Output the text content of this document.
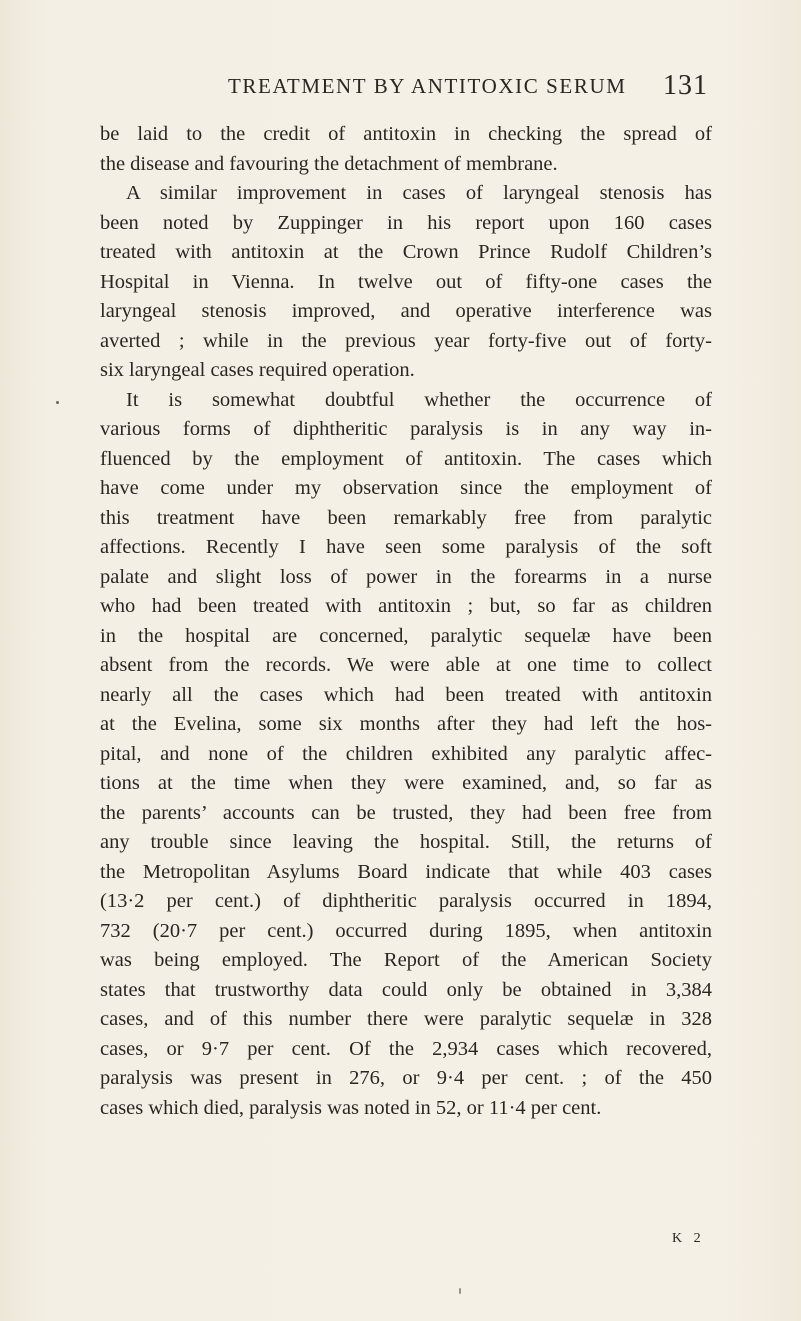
TREATMENT BY ANTITOXIC SERUM 131
be laid to the credit of antitoxin in checking the spread of
the disease and favouring the detachment of membrane.
A similar improvement in cases of laryngeal stenosis has
been noted by Zuppinger in his report upon 160 cases
treated with antitoxin at the Crown Prince Rudolf Children’s
Hospital in Vienna. In twelve out of fifty-one cases the
laryngeal stenosis improved, and operative interference was
averted ; while in the previous year forty-five out of forty-
six laryngeal cases required operation.
It is somewhat doubtful whether the occurrence of
various forms of diphtheritic paralysis is in any way in-
fluenced by the employment of antitoxin. The cases which
have come under my observation since the employment of
this treatment have been remarkably free from paralytic
affections. Recently I have seen some paralysis of the soft
palate and slight loss of power in the forearms in a nurse
who had been treated with antitoxin ; but, so far as children
in the hospital are concerned, paralytic sequelæ have been
absent from the records. We were able at one time to collect
nearly all the cases which had been treated with antitoxin
at the Evelina, some six months after they had left the hos-
pital, and none of the children exhibited any paralytic affec-
tions at the time when they were examined, and, so far as
the parents’ accounts can be trusted, they had been free from
any trouble since leaving the hospital. Still, the returns of
the Metropolitan Asylums Board indicate that while 403 cases
(13·2 per cent.) of diphtheritic paralysis occurred in 1894,
732 (20·7 per cent.) occurred during 1895, when antitoxin
was being employed. The Report of the American Society
states that trustworthy data could only be obtained in 3,384
cases, and of this number there were paralytic sequelæ in 328
cases, or 9·7 per cent. Of the 2,934 cases which recovered,
paralysis was present in 276, or 9·4 per cent. ; of the 450
cases which died, paralysis was noted in 52, or 11·4 per cent.
K 2
